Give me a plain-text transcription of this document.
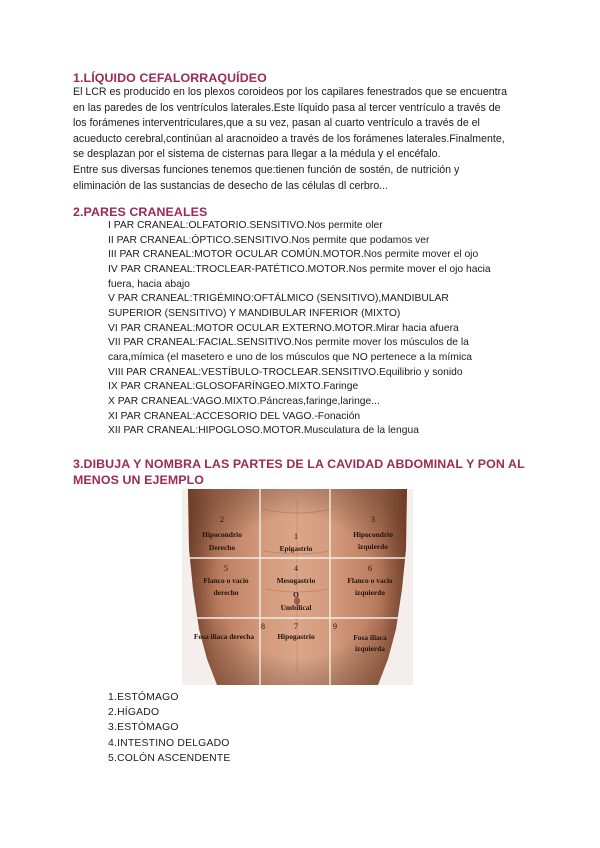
1.LÍQUIDO CEFALORRAQUÍDEO
El LCR es producido en los plexos coroideos por los capilares fenestrados que se encuentra
en las paredes de los ventrículos laterales.Este líquido pasa al tercer ventrículo a través de
los forámenes interventriculares,que a su vez, pasan al cuarto ventrículo a través de el
acueducto cerebral,continúan al aracnoideo a través de los forámenes laterales.Finalmente,
se desplazan por el sistema de cisternas para llegar a la médula y el encéfalo.
Entre sus diversas funciones tenemos que:tienen función de sostén, de nutrición y
eliminación de las sustancias de desecho de las células dl cerbro...
2.PARES CRANEALES
I PAR CRANEAL:OLFATORIO.SENSITIVO.Nos permite oler
II PAR CRANEAL:ÓPTICO.SENSITIVO.Nos permite que podamos ver
III PAR CRANEAL:MOTOR OCULAR COMÚN.MOTOR.Nos permite mover el ojo
IV PAR CRANEAL:TROCLEAR-PATÉTICO.MOTOR.Nos permite mover el ojo hacia
fuera, hacia abajo
V PAR CRANEAL:TRIGÉMINO:OFTÁLMICO (SENSITIVO),MANDIBULAR
SUPERIOR (SENSITIVO) Y MANDIBULAR INFERIOR (MIXTO)
VI PAR CRANEAL:MOTOR OCULAR EXTERNO.MOTOR.Mirar hacia afuera
VII PAR CRANEAL:FACIAL.SENSITIVO.Nos permite mover los músculos de la
cara,mímica (el masetero e uno de los músculos que NO pertenece a la mímica
VIII PAR CRANEAL:VESTÍBULO-TROCLEAR.SENSITIVO.Equilibrio y sonido
IX PAR CRANEAL:GLOSOFARÍNGEO.MIXTO.Faringe
X PAR CRANEAL:VAGO.MIXTO.Páncreas,faringe,laringe...
XI PAR CRANEAL:ACCESORIO DEL VAGO.-Fonación
XII PAR CRANEAL:HIPOGLOSO.MOTOR.Musculatura de la lengua
3.DIBUJA Y NOMBRA LAS PARTES DE LA CAVIDAD ABDOMINAL Y PON AL
MENOS UN EJEMPLO
2
Hipocondrio
Derecho
1
Epigastrio
3
Hipocondrio
izquierdo
5
Flanco o vacío
derecho
4
Mesogastrio
O
Umbilical
6
Flanco o vacío
izquierdo
8
Fosa iliaca derecha
7
Hipogastrio
9
Fosa iliaca
izquierda
1.ESTÓMAGO
2.HÍGADO
3.ESTÓMAGO
4.INTESTINO DELGADO
5.COLÓN ASCENDENTE
